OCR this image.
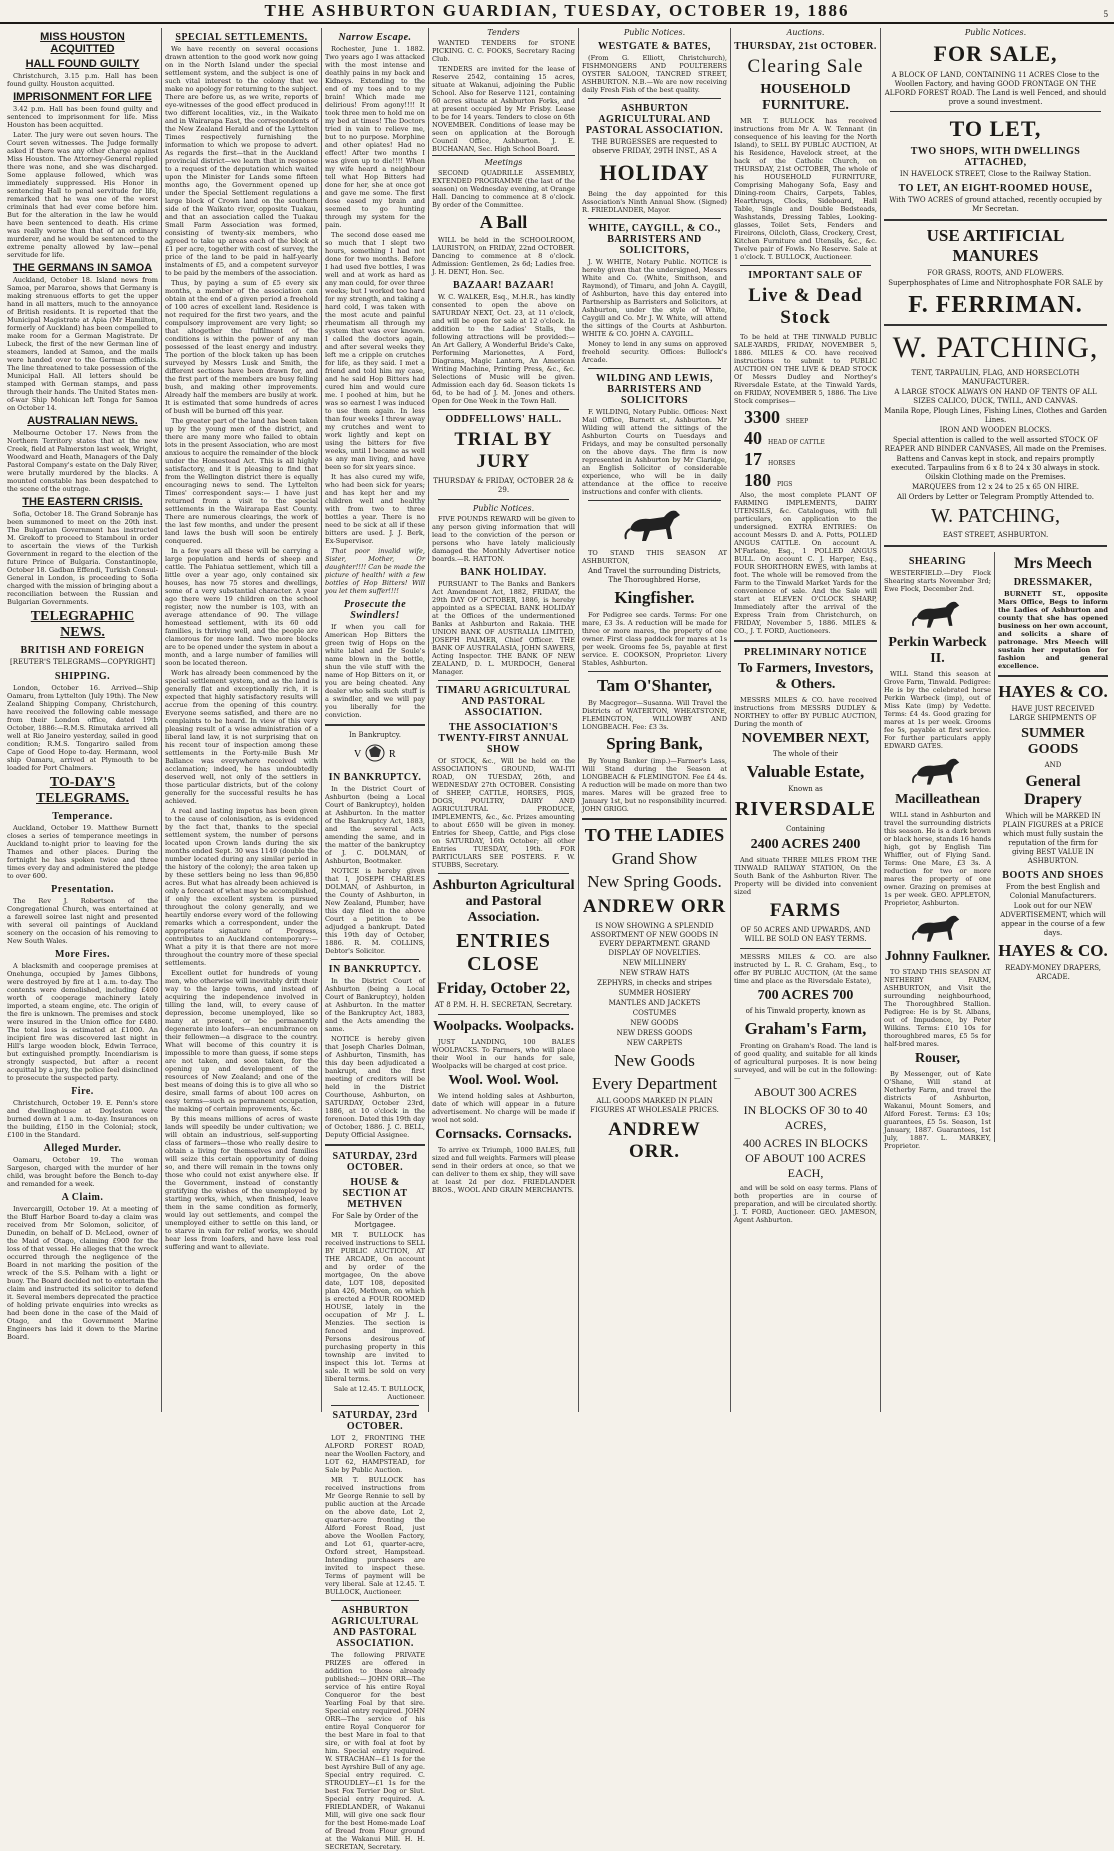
THE ASHBURTON GUARDIAN, TUESDAY, OCTOBER 19, 1886	5
MISS HOUSTON ACQUITTED
HALL FOUND GUILTY

Christchurch, 3.15 p.m. Hall has been found guilty. Houston acquitted.

IMPRISONMENT FOR LIFE

3.42 p.m. Hall has been found guilty and sentenced to imprisonment for life. Miss Houston has been acquitted.

Later. The jury were out seven hours. The Court seven witnesses. The Judge formally asked if there was any other charge against Miss Houston. The Attorney-General replied there was none, and she was discharged. Some applause followed, which was immediately suppressed. His Honor in sentencing Hall to penal servitude for life, remarked that he was one of the worst criminals that had ever come before him. But for the alteration in the law he would have been sentenced to death. His crime was really worse than that of an ordinary murderer, and he would be sentenced to the extreme penalty allowed by law—penal servitude for life.

THE GERMANS IN SAMOA

Auckland, October 18. Island news from Samoa, per Mararoa, shows that Germany is making strenuous efforts to get the upper hand in all matters, much to the annoyance of British residents. It is reported that the Municipal Magistrate at Apia (Mr Hamilton, formerly of Auckland) has been compelled to make room for a German Magistrate. Dr Lubeck, the first of the new German line of steamers, landed at Samoa, and the mails were handed over to the German officials. The line threatened to take possession of the Municipal Hall. All letters should be stamped with German stamps, and pass through their hands. The United States men-of-war Ship Mohican left Tonga for Samoa on October 14.

AUSTRALIAN NEWS.

Melbourne October 17. News from the Northern Territory states that at the new Creek, field at Palmerston last week, Wright, Woodward and Heath, Managers of the Daly Pastoral Company's estate on the Daly River, were brutally murdered by the blacks. A mounted constable has been despatched to the scene of the outrage.

THE EASTERN CRISIS.

Sofia, October 18. The Grand Sobranje has been summoned to meet on the 20th inst. The Bulgarian Government has instructed M. Grekoff to proceed to Stamboul in order to ascertain the views of the Turkish Government in regard to the election of the future Prince of Bulgaria. Constantinople, October 18. Gadban Effendi, Turkish Consul-General in London, is proceeding to Sofia charged with the mission of bringing about a reconciliation between the Russian and Bulgarian Governments.

TELEGRAPHIC NEWS.
BRITISH AND FOREIGN

[REUTER'S TELEGRAMS—COPYRIGHT]

SHIPPING.

London, October 16. Arrived—Ship Oamaru, from Lyttelton (July 19th). The New Zealand Shipping Company, Christchurch, have received the following cable message from their London office, dated 19th October, 1886:—R.M.S. Rimutaka arrived all well at Rio Janeiro yesterday, sailed in good condition; R.M.S. Tongariro sailed from Cape of Good Hope to-day. Hermann, wool ship Oamaru, arrived at Plymouth to be loaded for Port Chalmers.

TO-DAY'S TELEGRAMS.
Temperance.

Auckland, October 19. Matthew Burnett closes a series of temperance meetings in Auckland to-night prior to leaving for the Thames and other places. During the fortnight he has spoken twice and three times every day and administered the pledge to over 600.

Presentation.

The Rev J. Robertson of the Congregational Church, was entertained at a farewell soiree last night and presented with several oil paintings of Auckland scenery on the occasion of his removing to New South Wales.

More Fires.

A blacksmith and cooperage premises at Onehunga, occupied by James Gibbons, were destroyed by fire at 1 a.m. to-day. The contents were demolished, including £400 worth of cooperage machinery lately imported, a steam engine, etc. The origin of the fire is unknown. The premises and stock were insured in the Union office for £480. The total loss is estimated at £1000. An incipient fire was discovered last night in Hill's large wooden block, Edwin Terrace, but extinguished promptly. Incendiarism is strongly suspected, but after a recent acquittal by a jury, the police feel disinclined to prosecute the suspected party.

Fire.

Christchurch, October 19. E. Penn's store and dwellinghouse at Doyleston were burned down at 1 a.m. to-day. Insurances on the building, £150 in the Colonial; stock, £100 in the Standard.

Alleged Murder.

Oamaru, October 19. The woman Sargeson, charged with the murder of her child, was brought before the Bench to-day and remanded for a week.

A Claim.

Invercargill, October 19. At a meeting of the Bluff Harbor Board to-day a claim was received from Mr Solomon, solicitor, of Dunedin, on behalf of D. McLeod, owner of the Maid of Otago, claiming £900 for the loss of that vessel. He alleges that the wreck occurred through the negligence of the Board in not marking the position of the wreck of the S.S. Pelham with a light or buoy. The Board decided not to entertain the claim and instructed its solicitor to defend it. Several members deprecated the practice of holding private enquiries into wrecks as had been done in the case of the Maid of Otago, and the Government Marine Engineers has laid it down to the Marine Board.

SPECIAL SETTLEMENTS.

We have recently on several occasions drawn attention to the good work now going on in the North Island under the special settlement system, and the subject is one of such vital interest to the colony that we make no apology for returning to the subject. There are before us, as we write, reports of eye-witnesses of the good effect produced in two different localities, viz., in the Waikato and in Wairarapa East, the correspondents of the New Zealand Herald and of the Lyttelton Times respectively furnishing the information to which we propose to advert. As regards the first—that in the Auckland provincial district—we learn that in response to a request of the deputation which waited upon the Minister for Lands some fifteen months ago, the Government opened up under the Special Settlement regulations a large block of Crown land on the southern side of the Waikato river, opposite Tuakau, and that an association called the Tuakau Small Farm Association was formed, consisting of twenty-six members, who agreed to take up areas each of the block at £1 per acre, together with cost of survey, the price of the land to be paid in half-yearly instalments of £5, and a competent surveyor to be paid by the members of the association.

Thus, by paying a sum of £5 every six months, a member of the association can obtain at the end of a given period a freehold of 100 acres of excellent land. Residence is not required for the first two years, and the compulsory improvement are very light; so that altogether the fulfilment of the conditions is within the power of any man possessed of the least energy and industry. The portion of the block taken up has been surveyed by Messrs Lusk and Smith, the different sections have been drawn for, and the first part of the members are busy felling bush, and making other improvements. Already half the members are busily at work. It is estimated that some hundreds of acres of bush will be burned off this year.

The greater part of the land has been taken up by the young men of the district, and there are many more who failed to obtain lots in the present Association, who are most anxious to acquire the remainder of the block under the Homestead Act. This is all highly satisfactory, and it is pleasing to find that from the Wellington district there is equally encouraging news to send. The Lyttelton Times' correspondent says:— I have just returned from a visit to the special settlements in the Wairarapa East County. There are numerous clearings, the work of the last few months, and under the present land laws the bush will soon be entirely conquered.

In a few years all these will be carrying a large population and herds of sheep and cattle. The Pahiatua settlement, which till a little over a year ago, only contained six houses, has now 75 stores and dwellings, some of a very substantial character. A year ago there were 19 children on the school register, now the number is 103, with an average attendance of 90. The village homestead settlement, with its 60 odd families, is thriving well, and the people are clamorous for more land. Two more blocks are to be opened under the system in about a month, and a large number of families will soon be located thereon.

Work has already been commenced by the special settlement system, and as the land is generally flat and exceptionally rich, it is expected that highly satisfactory results will accrue from the opening of this country. Everyone seems satisfied, and there are no complaints to be heard. In view of this very pleasing result of a wise administration of a liberal land law, it is not surprising that on his recent tour of inspection among these settlements in the Forty-mile Bush Mr Ballance was everywhere received with acclamation; indeed, he has undoubtedly deserved well, not only of the settlers in those particular districts, but of the colony generally for the successful results he has achieved.

A real and lasting impetus has been given to the cause of colonisation, as is evidenced by the fact that, thanks to the special settlement system, the number of persons located upon Crown lands during the six months ended Sept. 30 was 1149 (double the number located during any similar period in the history of the colony); the area taken up by these settlers being no less than 96,850 acres. But what has already been achieved is only a forecast of what may be accomplished, if only the excellent system is pursued throughout the colony generally, and we heartily endorse every word of the following remarks which a correspondent, under the appropriate signature of Progress, contributes to an Auckland contemporary:— What a pity it is that there are not more throughout the country more of these special settlements.

Excellent outlet for hundreds of young men, who otherwise will inevitably drift their way to the large towns, and instead of acquiring the independence involved in tilling the land, will, to every cause of depression, become unemployed, like so many at present, or be permanently degenerate into loafers—an encumbrance on their fellowmen—a disgrace to the country. What will become of this country it is impossible to more than guess, if some steps are not taken, and soon taken, for the opening up and development of the resources of New Zealand; and one of the best means of doing this is to give all who so desire, small farms of about 100 acres on easy terms—such as permanent occupation, the making of certain improvements, &c.

By this means millions of acres of waste lands will speedily be under cultivation; we will obtain an industrious, self-supporting class of farmers—those who really desire to obtain a living for themselves and families will seize this certain opportunity of doing so, and there will remain in the towns only those who could not exist anywhere else. If the Government, instead of constantly gratifying the wishes of the unemployed by starting works, which, when finished, leave them in the same condition as formerly, would lay out settlements, and compel the unemployed either to settle on this land, or to starve in vain for relief works, we should hear less from loafers, and have less real suffering and want to alleviate.

Narrow Escape.

Rochester, June 1. 1882. Two years ago I was attacked with the most intense and deathly pains in my back and Kidneys. Extending to the end of my toes and to my brain! Which made me delirious! From agony!!!! It took three men to hold me on my bed at times! The Doctors tried in vain to relieve me, but to no purpose. Morphine and other opiates! Had no effect! After two months I was given up to die!!!! When my wife heard a neighbour tell what Hop Bitters had done for her, she at once got and gave me some. The first dose eased my brain and seemed to go hunting through my system for the pain.

The second dose eased me so much that I slept two hours, something I had not done for two months. Before I had used five bottles, I was well and at work as hard as any man could, for over three weeks; but I worked too hard for my strength, and taking a hard cold, I was taken with the most acute and painful rheumatism all through my system that was ever known. I called the doctors again, and after several weeks they left me a cripple on crutches for life, as they said. I met a friend and told him my case, and he said Hop Bitters had cured him and would cure me. I poohed at him, but he was so earnest I was induced to use them again. In less than four weeks I threw away my crutches and went to work lightly and kept on using the bitters for five weeks, until I became as well as any man living, and have been so for six years since.

It has also cured my wife, who had been sick for years; and has kept her and my children well and healthy with from two to three bottles a year. There is no need to be sick at all if these bitters are used. J. J. Berk, Ex-Supervisor.

That poor invalid wife, Sister, Mother, Or daughter!!!! Can be made the picture of health! with a few bottles of Hop Bitters! Will you let them suffer!!!!

Prosecute the Swindlers!

If when you call for American Hop Bitters the green twig of Hops on the white label and Dr Soule's name blown in the bottle, shun the vile stuff with the name of Hop Bitters on it, or you are being cheated. Any dealer who sells such stuff is a swindler, and we will pay you liberally for the conviction.

In Bankruptcy.

V	R
IN BANKRUPTCY.

In the District Court of Ashburton (being a Local Court of Bankruptcy), holden at Ashburton. In the matter of the Bankruptcy Act, 1883, and the several Acts amending the same, and in the matter of the bankruptcy of J. C. DOLMAN, of Ashburton, Bootmaker.

NOTICE is hereby given that I, JOSEPH CHARLES DOLMAN, of Ashburton, in the County of Ashburton, in New Zealand, Plumber, have this day filed in the above Court a petition to be adjudged a bankrupt. Dated this 19th day of October, 1886. R. M. COLLINS, Debtor's Solicitor.

IN BANKRUPTCY.

In the District Court of Ashburton (being a Local Court of Bankruptcy), holden at Ashburton. In the matter of the Bankruptcy Act, 1883, and the Acts amending the same.

NOTICE is hereby given that Joseph Charles Dolman, of Ashburton, Tinsmith, has this day been adjudicated a bankrupt, and the first meeting of creditors will be held in the District Courthouse, Ashburton, on SATURDAY, October 23rd, 1886, at 10 o'clock in the forenoon. Dated this 19th day of October, 1886. J. C. BELL, Deputy Official Assignee.

SATURDAY, 23rd OCTOBER.
HOUSE & SECTION AT METHVEN

For Sale by Order of the Mortgagee.

MR T. BULLOCK has received instructions to SELL BY PUBLIC AUCTION, AT THE ARCADE, On account and by order of the mortgagee, On the above date, LOT 108, deposited plan 426, Methven, on which is erected a FOUR ROOMED HOUSE, lately in the occupation of Mr J. L. Menzies. The section is fenced and improved. Persons desirous of purchasing property in this township are invited to inspect this lot. Terms at sale. It will be sold on very liberal terms.

Sale at 12.45. T. BULLOCK, Auctioneer.

SATURDAY, 23rd OCTOBER.

LOT 2, FRONTING THE ALFORD FOREST ROAD, near the Woollen Factory, and LOT 62, HAMPSTEAD, for Sale by Public Auction.

MR T. BULLOCK has received instructions from Mr George Rennie to sell by public auction at the Arcade on the above date, Lot 2, quarter-acre fronting the Alford Forest Road, just above the Woollen Factory, and Lot 61, quarter-acre, Oxford street, Hampstead. Intending purchasers are invited to inspect these. Terms of payment will be very liberal. Sale at 12.45. T. BULLOCK, Auctioneer.

ASHBURTON AGRICULTURAL AND PASTORAL ASSOCIATION.

The following PRIVATE PRIZES are offered in addition to those already published:— JOHN ORR—The service of his entire Royal Conqueror for the best Yearling Foal by that sire. Special entry required. JOHN ORR—The service of his entire Royal Conqueror for the best Mare in foal to that sire, or with foal at foot by him. Special entry required. W. STRACHAN—£1 1s for the best Ayrshire Bull of any age. Special entry required. C. STROUDLEY—£1 1s for the best Fox Terrier Dog or Slut. Special entry required. A. FRIEDLANDER, of Wakanui Mill, will give one sack flour for the best Home-made Loaf of Bread from Flour ground at the Wakanui Mill. H. H. SECRETAN, Secretary.

Tenders

WANTED TENDERS for STONE PICKING. C. C. FOOKS, Secretary Racing Club.

TENDERS are invited for the lease of Reserve 2542, containing 15 acres, situate at Wakanui, adjoining the Public School. Also for Reserve 1121, containing 60 acres situate at Ashburton Forks, and at present occupied by Mr Frisby. Lease to be for 14 years. Tenders to close on 6th NOVEMBER. Conditions of lease may be seen on application at the Borough Council Office, Ashburton. J. E. BUCHANAN, Sec. High School Board.

Meetings

SECOND QUADRILLE ASSEMBLY, EXTENDED PROGRAMME (the last of the season) on Wednesday evening, at Orange Hall. Dancing to commence at 8 o'clock. By order of the Committee.

A Ball

WILL be held in the SCHOOLROOM, LAURISTON, on FRIDAY, 22nd OCTOBER. Dancing to commence at 8 o'clock. Admission: Gentlemen, 2s 6d; Ladies free. J. H. DENT, Hon. Sec.

BAZAAR! BAZAAR!

W. C. WALKER, Esq., M.H.R., has kindly consented to open the above on SATURDAY NEXT, Oct. 23, at 11 o'clock, and will be open for sale at 12 o'clock. In addition to the Ladies' Stalls, the following attractions will be provided:— An Art Gallery, A Wonderful Bride's Cake, Performing Marionettes, A Ford, Diagrams, Magic Lantern, An American Writing Machine, Printing Press, &c., &c. Selections of Music will be given. Admission each day 6d. Season tickets 1s 6d, to be had of J. M. Jones and others. Open for One Week in the Town Hall.

ODDFELLOWS' HALL.
TRIAL BY JURY

THURSDAY & FRIDAY, OCTOBER 28 & 29.

Public Notices.

FIVE POUNDS REWARD will be given to any person giving information that will lead to the conviction of the person or persons who have lately maliciously damaged the Monthly Advertiser notice boards.—R. HATTON.

BANK HOLIDAY.

PURSUANT to The Banks and Bankers Act Amendment Act, 1882, FRIDAY, the 29th DAY OF OCTOBER, 1886, is hereby appointed as a SPECIAL BANK HOLIDAY at the Offices of the undermentioned Banks at Ashburton and Rakaia. THE UNION BANK OF AUSTRALIA LIMITED, JOSEPH PALMER, Chief Officer. THE BANK OF AUSTRALASIA, JOHN SAWERS, Acting Inspector. THE BANK OF NEW ZEALAND, D. L. MURDOCH, General Manager.

TIMARU AGRICULTURAL AND PASTORAL ASSOCIATION.
THE ASSOCIATION'S TWENTY-FIRST ANNUAL SHOW

Of STOCK, &c., Will be held on the ASSOCIATION'S GROUND, WAI-ITI ROAD, ON TUESDAY, 26th, and WEDNESDAY 27th OCTOBER. Consisting of SHEEP, CATTLE, HORSES, PIGS, DOGS, POULTRY, DAIRY AND AGRICULTURAL PRODUCE, IMPLEMENTS, &c., &c. Prizes amounting to about £650 will be given in money. Entries for Sheep, Cattle, and Pigs close on SATURDAY, 16th October; all other Entries TUESDAY, 19th. FOR PARTICULARS SEE POSTERS. F. W. STUBBS, Secretary.

Ashburton Agricultural and Pastoral Association.
ENTRIES CLOSE
Friday, October 22,

AT 8 P.M. H. H. SECRETAN, Secretary.

Woolpacks. Woolpacks.

JUST LANDING, 100 BALES WOOLPACKS. To Farmers, who will place their Wool in our hands for sale, Woolpacks will be charged at cost price.

Wool. Wool. Wool.

We intend holding sales at Ashburton, date of which will appear in a future advertisement. No charge will be made if wool not sold.

Cornsacks. Cornsacks.

To arrive ex Triumph, 1000 BALES, full sized and full weights. Farmers will please send in their orders at once, so that we can deliver to them ex ship, they will save at least 2d per doz. FRIEDLANDER BROS., WOOL AND GRAIN MERCHANTS.

Public Notices.
WESTGATE & BATES,

(From G. Elliott, Christchurch), FISHMONGERS AND POULTERERS OYSTER SALOON, TANCRED STREET, ASHBURTON. N.B.—We are now receiving daily Fresh Fish of the best quality.

ASHBURTON AGRICULTURAL AND PASTORAL ASSOCIATION.

THE BURGESSES are requested to observe FRIDAY, 29TH INST., AS A

HOLIDAY

Being the day appointed for this Association's Ninth Annual Show. (Signed) R. FRIEDLANDER, Mayor.

WHITE, CAYGILL, & CO., BARRISTERS AND SOLICITORS,

J. W. WHITE, Notary Public. NOTICE is hereby given that the undersigned, Messrs White and Co. (White, Smithson, and Raymond), of Timaru, and John A. Caygill, of Ashburton, have this day entered into Partnership as Barristers and Solicitors, at Ashburton, under the style of White, Caygill and Co. Mr J. W. White, will attend the sittings of the Courts at Ashburton. WHITE & CO. JOHN A. CAYGILL.

Money to lend in any sums on approved freehold security. Offices: Bullock's Arcade.

WILDING AND LEWIS, BARRISTERS AND SOLICITORS

F. WILDING, Notary Public. Offices: Next Mail Office, Burnett st., Ashburton. Mr Wilding will attend the sittings of the Ashburton Courts on Tuesdays and Fridays, and may be consulted personally on the above days. The firm is now represented in Ashburton by Mr Claridge, an English Solicitor of considerable experience, who will be in daily attendance at the office to receive instructions and confer with clients.

TO STAND THIS SEASON AT ASHBURTON,

And Travel the surrounding Districts, The Thoroughbred Horse,

Kingfisher.

For Pedigree see cards. Terms: For one mare, £3 3s. A reduction will be made for three or more mares, the property of one owner. First class paddock for mares at 1s per week. Grooms fee 5s, payable at first service. E. COOKSON, Proprietor. Livery Stables, Ashburton.

Tam O'Shanter,

By Macgregor—Susanna. Will Travel the Districts of WATERTON, WHEATSTONE, FLEMINGTON, WILLOWBY AND LONGBEACH. Fee: £3 3s.

Spring Bank,

By Young Banker (imp.)—Farmer's Lass, Will Stand during the Season at LONGBEACH & FLEMINGTON. Fee £4 4s. A reduction will be made on more than two mares. Mares will be grazed free to January 1st, but no responsibility incurred. JOHN GRIGG.

TO THE LADIES
Grand Show
New Spring Goods.
ANDREW ORR

IS NOW SHOWING A SPLENDID ASSORTMENT OF NEW GOODS IN EVERY DEPARTMENT. GRAND DISPLAY OF NOVELTIES.

NEW MILLINERY

NEW STRAW HATS

ZEPHYRS, in checks and stripes

SUMMER HOSIERY

MANTLES AND JACKETS

COSTUMES

NEW GOODS

NEW DRESS GOODS

NEW CARPETS

New Goods
Every Department

ALL GOODS MARKED IN PLAIN FIGURES AT WHOLESALE PRICES.

ANDREW ORR.
Auctions.
THURSDAY, 21st OCTOBER.
Clearing Sale
HOUSEHOLD FURNITURE.

MR T. BULLOCK has received instructions from Mr A. W. Tennant (in consequence of his leaving for the North Island), to SELL BY PUBLIC AUCTION, At his Residence, Havelock street, at the back of the Catholic Church, on THURSDAY, 21st OCTOBER, The whole of his HOUSEHOLD FURNITURE, Comprising Mahogany Sofa, Easy and Dining-room Chairs, Carpets, Tables, Hearthrugs, Clocks, Sideboard, Hall Table, Single and Double Bedsteads, Washstands, Dressing Tables, Looking-glasses, Toilet Sets, Fenders and Fireirons, Oilcloth, Glass, Crockery, Crest, Kitchen Furniture and Utensils, &c., &c. Twelve pair of Fowls. No Reserve. Sale at 1 o'clock. T. BULLOCK, Auctioneer.

IMPORTANT SALE OF
Live & Dead Stock

To be held at THE TINWALD PUBLIC SALE-YARDS, FRIDAY, NOVEMBER 5, 1886. MILES & CO. have received instructions to submit to PUBLIC AUCTION ON THE LIVE & DEAD STOCK Of Messrs Dudley and Northey's Riversdale Estate, at the Tinwald Yards, on FRIDAY, NOVEMBER 5, 1886. The Live Stock comprises—

3300 SHEEP
40 HEAD OF CATTLE
17 HORSES
180 PIGS

Also, the most complete PLANT OF FARMING IMPLEMENTS, DAIRY UTENSILS, &c. Catalogues, with full particulars, on application to the undersigned. EXTRA ENTRIES: On account Messrs D. and A. Potts, POLLED ANGUS CATTLE. On account A. M'Farlane, Esq., 1 POLLED ANGUS BULL. On account C. J. Harper, Esq., FOUR SHORTHORN EWES, with lambs at foot. The whole will be removed from the Farm to the Tinwald Market Yards for the convenience of sale. And the Sale will start at ELEVEN O'CLOCK SHARP, Immediately after the arrival of the Express Train from Christchurch, on FRIDAY, November 5, 1886. MILES & CO., J. T. FORD, Auctioneers.

PRELIMINARY NOTICE
To Farmers, Investors, & Others.

MESSRS MILES & CO. have received instructions from MESSRS DUDLEY & NORTHEY to offer BY PUBLIC AUCTION, During the month of

NOVEMBER NEXT,

The whole of their

Valuable Estate,

Known as

RIVERSDALE

Containing

2400 ACRES 2400

And situate THREE MILES FROM THE TINWALD RAILWAY STATION, On the South Bank of the Ashburton River. The Property will be divided into convenient sized

FARMS

OF 50 ACRES AND UPWARDS, AND WILL BE SOLD ON EASY TERMS.

MESSRS MILES & CO. are also instructed by L. R. C. Graham, Esq., to offer BY PUBLIC AUCTION, (At the same time and place as the Riversdale Estate),

700 ACRES 700

of his Tinwald property, known as

Graham's Farm,

Fronting on Graham's Road. The land is of good quality, and suitable for all kinds of agricultural purposes. It is now being surveyed, and will be cut in the following:—

ABOUT 300 ACRES
IN BLOCKS OF 30 to 40 ACRES,
400 ACRES IN BLOCKS OF ABOUT 100 ACRES EACH,

and will be sold on easy terms. Plans of both properties are in course of preparation, and will be circulated shortly. J. T. FORD, Auctioneer. GEO. JAMESON, Agent Ashburton.

Public Notices.
FOR SALE,

A BLOCK OF LAND, CONTAINING 11 ACRES Close to the Woollen Factory, and having GOOD FRONTAGE ON THE ALFORD FOREST ROAD. The Land is well Fenced, and should prove a sound investment.

TO LET,
TWO SHOPS, WITH DWELLINGS ATTACHED,

IN HAVELOCK STREET, Close to the Railway Station.

TO LET, AN EIGHT-ROOMED HOUSE,

With TWO ACRES of ground attached, recently occupied by Mr Secretan.

USE ARTIFICIAL MANURES

FOR GRASS, ROOTS, AND FLOWERS.

Superphosphates of Lime and Nitrophosphate FOR SALE by

F. FERRIMAN.
W. PATCHING,

TENT, TARPAULIN, FLAG, AND HORSECLOTH MANUFACTURER.

A LARGE STOCK ALWAYS ON HAND OF TENTS OF ALL SIZES CALICO, DUCK, TWILL, AND CANVAS.

Manila Rope, Plough Lines, Fishing Lines, Clothes and Garden Lines.

IRON AND WOODEN BLOCKS.

Special attention is called to the well assorted STOCK OF REAPER AND BINDER CANVASES, All made on the Premises.

Battens and Canvas kept in stock, and repairs promptly executed. Tarpaulins from 6 x 8 to 24 x 30 always in stock. Oilskin Clothing made on the Premises.

MARQUEES from 12 x 24 to 25 x 65 ON HIRE.

All Orders by Letter or Telegram Promptly Attended to.

W. PATCHING,

EAST STREET, ASHBURTON.

SHEARING

WESTERFIELD.—Dry Flock Shearing starts November 3rd; Ewe Flock, December 2nd.

Perkin Warbeck II.

WILL Stand this season at Grove Farm, Tinwald. Pedigree: He is by the celebrated horse Perkin Warbeck (imp), out of Miss Kate (imp) by Vedette. Terms: £4 4s. Good grazing for mares at 1s per week. Grooms fee 5s, payable at first service. For further particulars apply EDWARD GATES.

Macilleathean

WILL stand in Ashburton and travel the surrounding districts this season. He is a dark brown or black horse, stands 16 hands high, got by English Tim Whiffler, out of Flying Sand. Terms: One Mare, £3 3s. A reduction for two or more mares the property of one owner. Grazing on premises at 1s per week. GEO. APPLETON, Proprietor, Ashburton.

Johnny Faulkner.

TO STAND THIS SEASON AT NETHERBY FARM, ASHBURTON, and Visit the surrounding neighbourhood, The Thoroughbred Stallion. Pedigree: He is by St. Albans, out of Impudence, by Peter Wilkins. Terms: £10 10s for thoroughbred mares, £5 5s for half-bred mares.

Rouser,

By Messenger, out of Kate O'Shane, Will stand at Netherby Farm, and travel the districts of Ashburton, Wakanui, Mount Somers, and Alford Forest. Terms: £3 10s; guarantees, £5 5s. Season, 1st January, 1887. Guarantees, 1st July, 1887. L. MARKEY, Proprietor.

Mrs Meech
DRESSMAKER,

BURNETT ST., opposite Mars Office, Begs to inform the Ladies of Ashburton and county that she has opened business on her own account, and solicits a share of patronage. Mrs Meech will sustain her reputation for fashion and general excellence.

HAYES & CO.

HAVE JUST RECEIVED LARGE SHIPMENTS OF

SUMMER GOODS

AND

General Drapery

Which will be MARKED IN PLAIN FIGURES at a PRICE which must fully sustain the reputation of the firm for giving BEST VALUE IN ASHBURTON.

BOOTS AND SHOES

From the best English and Colonial Manufacturers.

Look out for our NEW ADVERTISEMENT, which will appear in the course of a few days.

HAYES & CO.

READY-MONEY DRAPERS, ARCADE.
